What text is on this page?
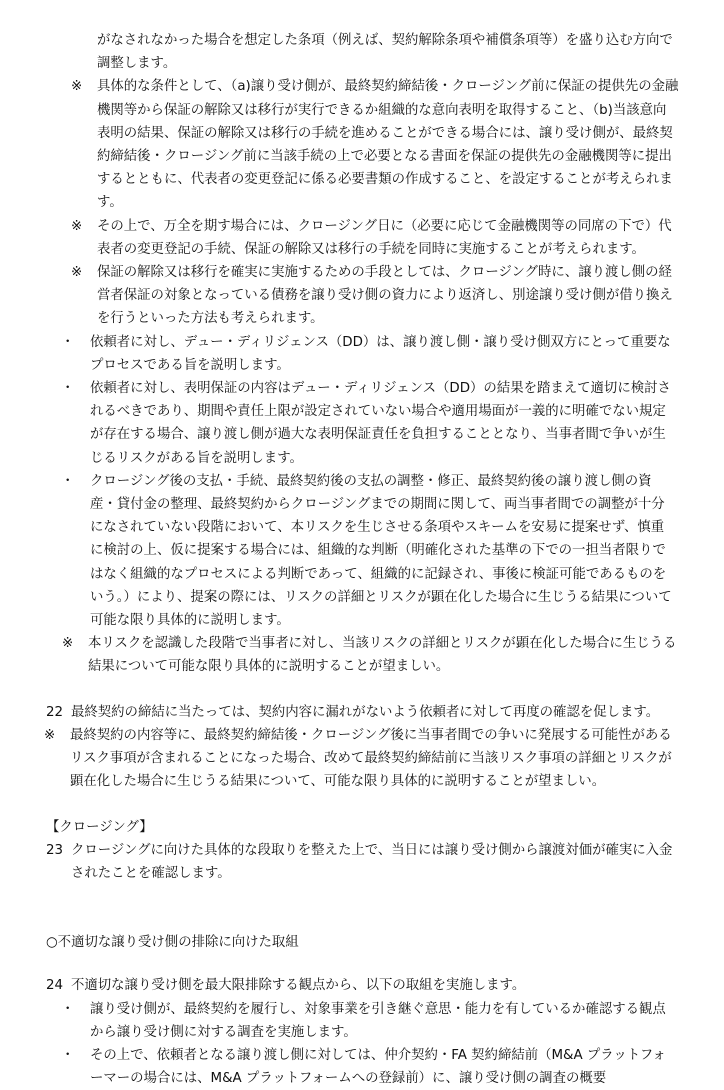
がなされなかった場合を想定した条項（例えば、契約解除条項や補償条項等）を盛り込む方向で調整します。

※ 具体的な条件として、（a)譲り受け側が、最終契約締結後・クロージング前に保証の提供先の金融機関等から保証の解除又は移行が実行できるか組織的な意向表明を取得すること、（b)当該意向表明の結果、保証の解除又は移行の手続を進めることができる場合には、譲り受け側が、最終契約締結後・クロージング前に当該手続の上で必要となる書面を保証の提供先の金融機関等に提出するとともに、代表者の変更登記に係る必要書類の作成すること、を設定することが考えられます。

※ その上で、万全を期す場合には、クロージング日に（必要に応じて金融機関等の同席の下で）代表者の変更登記の手続、保証の解除又は移行の手続を同時に実施することが考えられます。

※ 保証の解除又は移行を確実に実施するための手段としては、クロージング時に、譲り渡し側の経営者保証の対象となっている債務を譲り受け側の資力により返済し、別途譲り受け側が借り換えを行うといった方法も考えられます。

・ 依頼者に対し、デュー・ディリジェンス（DD）は、譲り渡し側・譲り受け側双方にとって重要なプロセスである旨を説明します。

・ 依頼者に対し、表明保証の内容はデュー・ディリジェンス（DD）の結果を踏まえて適切に検討されるべきであり、期間や責任上限が設定されていない場合や適用場面が一義的に明確でない規定が存在する場合、譲り渡し側が過大な表明保証責任を負担することとなり、当事者間で争いが生じるリスクがある旨を説明します。

・ クロージング後の支払・手続、最終契約後の支払の調整・修正、最終契約後の譲り渡し側の資産・貸付金の整理、最終契約からクロージングまでの期間に関して、両当事者間での調整が十分になされていない段階において、本リスクを生じさせる条項やスキームを安易に提案せず、慎重に検討の上、仮に提案する場合には、組織的な判断（明確化された基準の下での一担当者限りではなく組織的なプロセスによる判断であって、組織的に記録され、事後に検証可能であるものをいう。）により、提案の際には、リスクの詳細とリスクが顕在化した場合に生じうる結果について可能な限り具体的に説明します。

※ 本リスクを認識した段階で当事者に対し、当該リスクの詳細とリスクが顕在化した場合に生じうる結果について可能な限り具体的に説明することが望ましい。

22 最終契約の締結に当たっては、契約内容に漏れがないよう依頼者に対して再度の確認を促します。

※ 最終契約の内容等に、最終契約締結後・クロージング後に当事者間での争いに発展する可能性があるリスク事項が含まれることになった場合、改めて最終契約締結前に当該リスク事項の詳細とリスクが顕在化した場合に生じうる結果について、可能な限り具体的に説明することが望ましい。

【クロージング】

23 クロージングに向けた具体的な段取りを整えた上で、当日には譲り受け側から譲渡対価が確実に入金されたことを確認します。

○不適切な譲り受け側の排除に向けた取組

24 不適切な譲り受け側を最大限排除する観点から、以下の取組を実施します。

・ 譲り受け側が、最終契約を履行し、対象事業を引き継ぐ意思・能力を有しているか確認する観点から譲り受け側に対する調査を実施します。

・ その上で、依頼者となる譲り渡し側に対しては、仲介契約・FA 契約締結前（M&A プラットフォーマーの場合には、M&A プラットフォームへの登録前）に、譲り受け側の調査の概要
